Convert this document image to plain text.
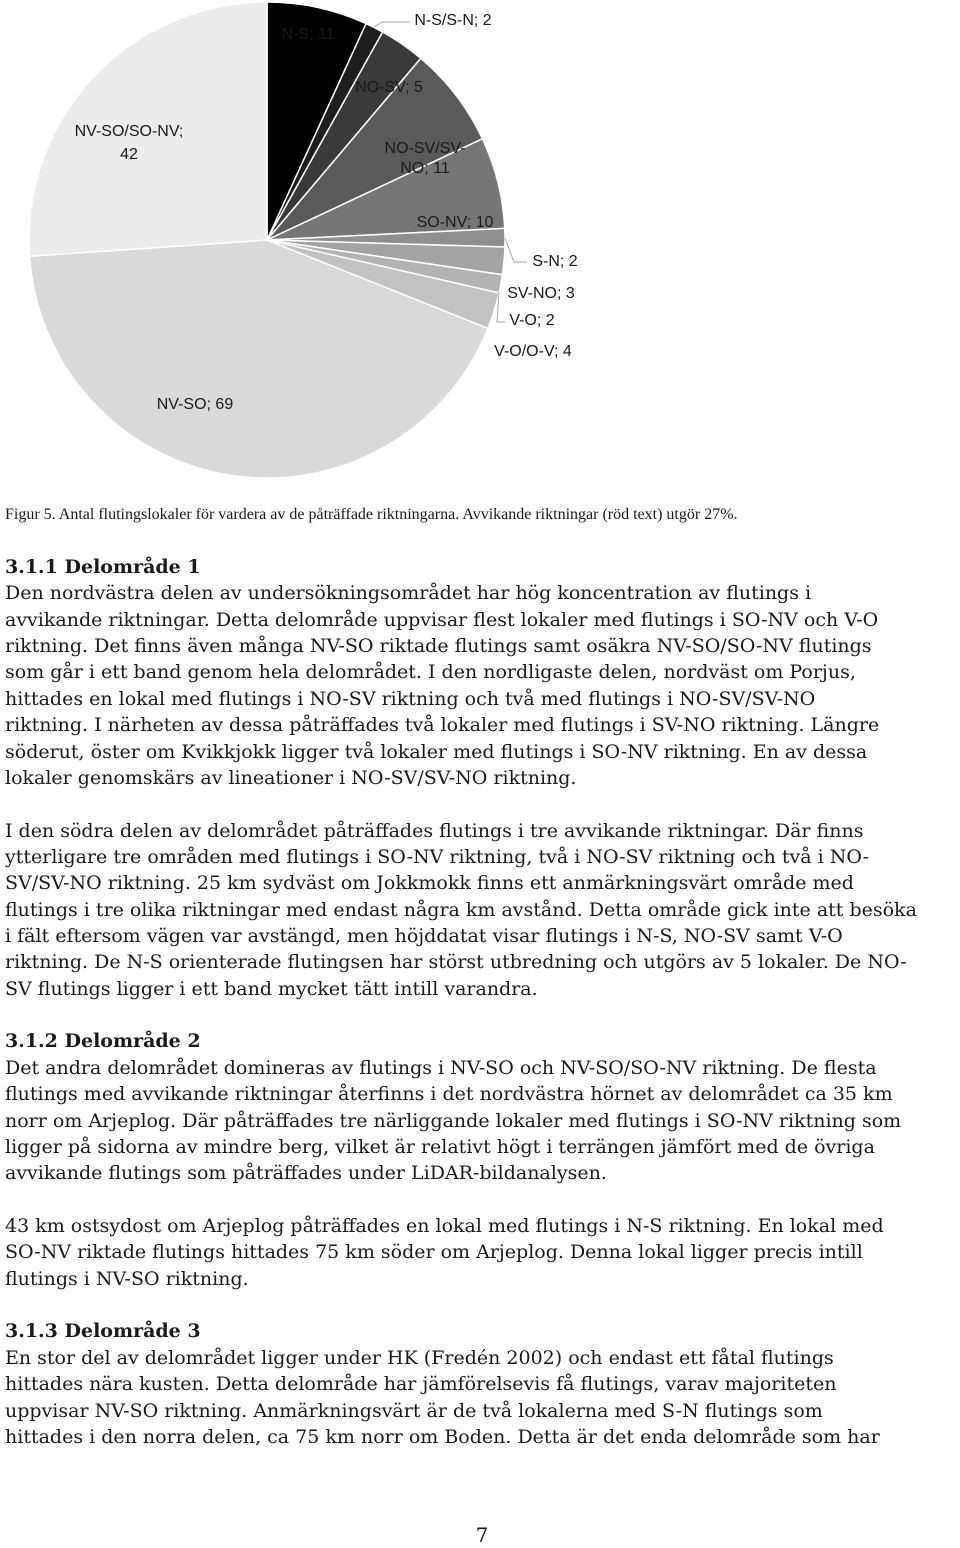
N-S; 11
N-S/S-N; 2
NO-SV; 5
NO-SV/SV-
NO; 11
SO-NV; 10
S-N; 2
SV-NO; 3
V-O; 2
V-O/O-V; 4
NV-SO; 69
NV-SO/SO-NV;
42
Figur 5. Antal flutingslokaler för vardera av de påträffade riktningarna. Avvikande riktningar (röd text) utgör 27%.
3.1.1 Delområde 1
Den nordvästra delen av undersökningsområdet har hög koncentration av flutings i
avvikande riktningar. Detta delområde uppvisar flest lokaler med flutings i SO-NV och V-O
riktning. Det finns även många NV-SO riktade flutings samt osäkra NV-SO/SO-NV flutings
som går i ett band genom hela delområdet. I den nordligaste delen, nordväst om Porjus,
hittades en lokal med flutings i NO-SV riktning och två med flutings i NO-SV/SV-NO
riktning. I närheten av dessa påträffades två lokaler med flutings i SV-NO riktning. Längre
söderut, öster om Kvikkjokk ligger två lokaler med flutings i SO-NV riktning. En av dessa
lokaler genomskärs av lineationer i NO-SV/SV-NO riktning.
I den södra delen av delområdet påträffades flutings i tre avvikande riktningar. Där finns
ytterligare tre områden med flutings i SO-NV riktning, två i NO-SV riktning och två i NO-
SV/SV-NO riktning. 25 km sydväst om Jokkmokk finns ett anmärkningsvärt område med
flutings i tre olika riktningar med endast några km avstånd. Detta område gick inte att besöka
i fält eftersom vägen var avstängd, men höjddatat visar flutings i N-S, NO-SV samt V-O
riktning. De N-S orienterade flutingsen har störst utbredning och utgörs av 5 lokaler. De NO-
SV flutings ligger i ett band mycket tätt intill varandra.
3.1.2 Delområde 2
Det andra delområdet domineras av flutings i NV-SO och NV-SO/SO-NV riktning. De flesta
flutings med avvikande riktningar återfinns i det nordvästra hörnet av delområdet ca 35 km
norr om Arjeplog. Där påträffades tre närliggande lokaler med flutings i SO-NV riktning som
ligger på sidorna av mindre berg, vilket är relativt högt i terrängen jämfört med de övriga
avvikande flutings som påträffades under LiDAR-bildanalysen.
43 km ostsydost om Arjeplog påträffades en lokal med flutings i N-S riktning. En lokal med
SO-NV riktade flutings hittades 75 km söder om Arjeplog. Denna lokal ligger precis intill
flutings i NV-SO riktning.
3.1.3 Delområde 3
En stor del av delområdet ligger under HK (Fredén 2002) och endast ett fåtal flutings
hittades nära kusten. Detta delområde har jämförelsevis få flutings, varav majoriteten
uppvisar NV-SO riktning. Anmärkningsvärt är de två lokalerna med S-N flutings som
hittades i den norra delen, ca 75 km norr om Boden. Detta är det enda delområde som har
7
